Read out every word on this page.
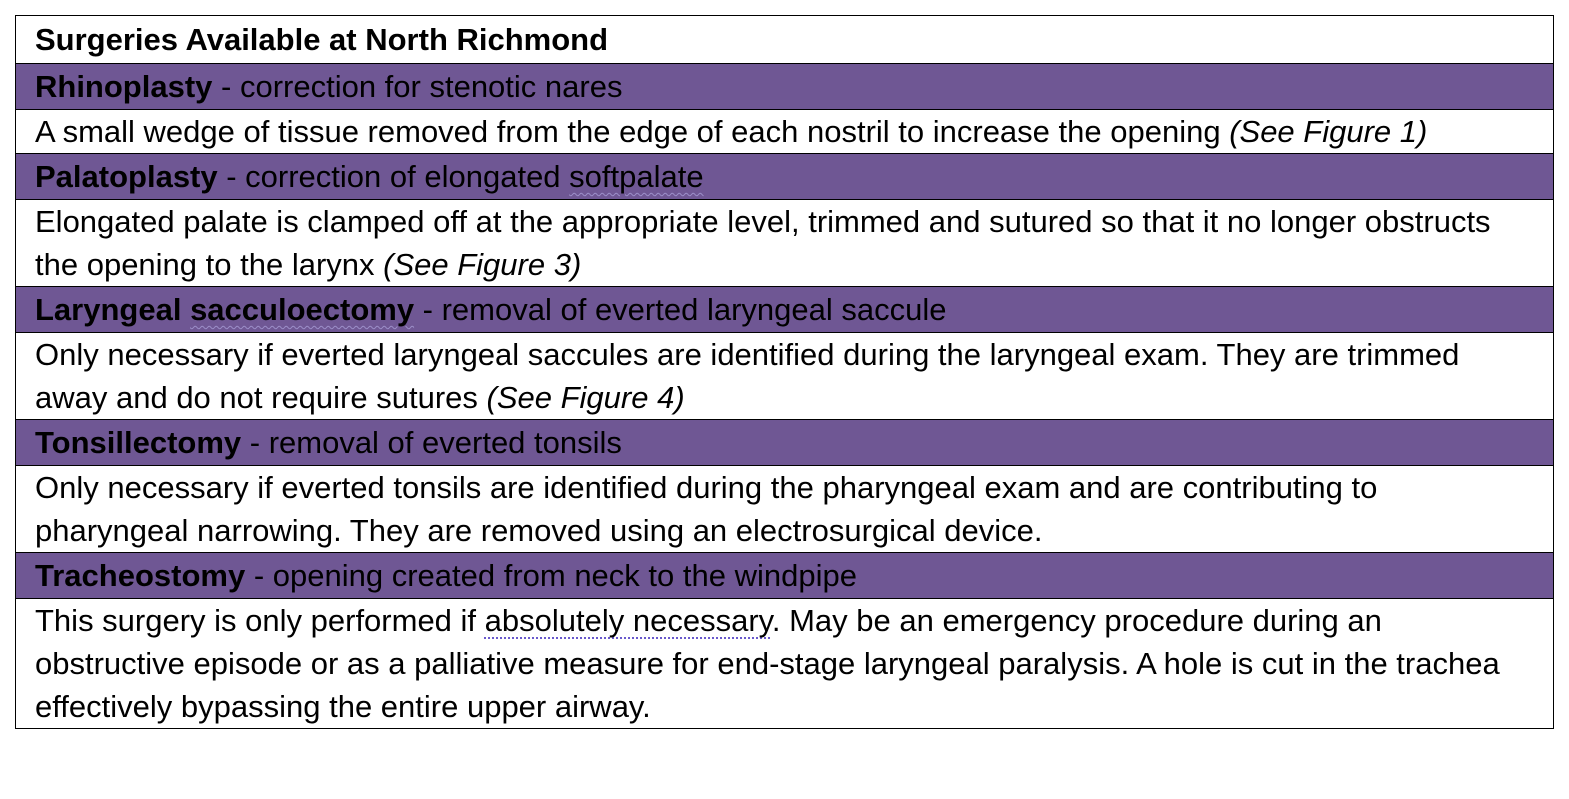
Surgeries Available at North Richmond
Rhinoplasty - correction for stenotic nares
A small wedge of tissue removed from the edge of each nostril to increase the opening (See Figure 1)
Palatoplasty - correction of elongated softpalate
Elongated palate is clamped off at the appropriate level, trimmed and sutured so that it no longer obstructs the opening to the larynx (See Figure 3)
Laryngeal sacculoectomy - removal of everted laryngeal saccule
Only necessary if everted laryngeal saccules are identified during the laryngeal exam. They are trimmed away and do not require sutures (See Figure 4)
Tonsillectomy - removal of everted tonsils
Only necessary if everted tonsils are identified during the pharyngeal exam and are contributing to pharyngeal narrowing. They are removed using an electrosurgical device.
Tracheostomy - opening created from neck to the windpipe
This surgery is only performed if absolutely necessary. May be an emergency procedure during an obstructive episode or as a palliative measure for end-stage laryngeal paralysis. A hole is cut in the trachea effectively bypassing the entire upper airway.
